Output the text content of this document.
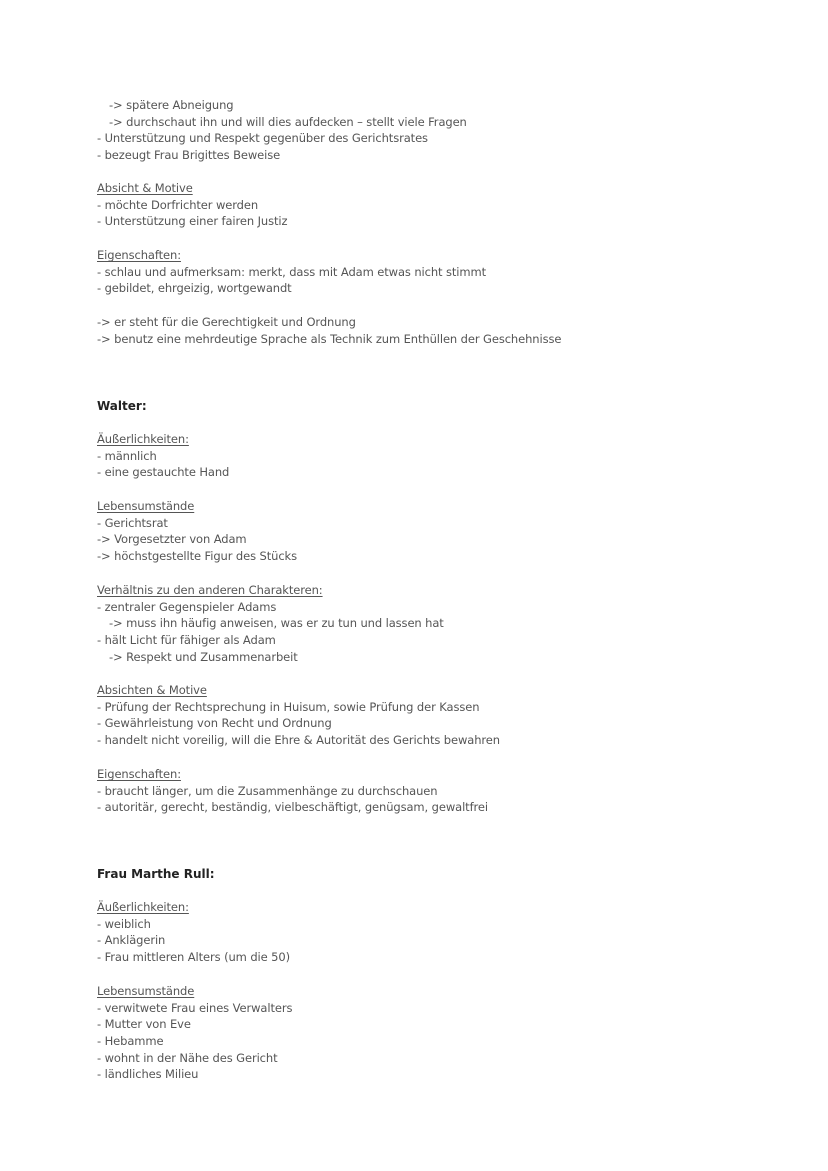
-> spätere Abneigung
-> durchschaut ihn und will dies aufdecken – stellt viele Fragen
- Unterstützung und Respekt gegenüber des Gerichtsrates
- bezeugt Frau Brigittes Beweise
Absicht & Motive
- möchte Dorfrichter werden
- Unterstützung einer fairen Justiz
Eigenschaften:
- schlau und aufmerksam: merkt, dass mit Adam etwas nicht stimmt
- gebildet, ehrgeizig, wortgewandt
-> er steht für die Gerechtigkeit und Ordnung
-> benutz eine mehrdeutige Sprache als Technik zum Enthüllen der Geschehnisse
Walter:
Äußerlichkeiten:
- männlich
- eine gestauchte Hand
Lebensumstände
- Gerichtsrat
-> Vorgesetzter von Adam
-> höchstgestellte Figur des Stücks
Verhältnis zu den anderen Charakteren:
- zentraler Gegenspieler Adams
-> muss ihn häufig anweisen, was er zu tun und lassen hat
- hält Licht für fähiger als Adam
-> Respekt und Zusammenarbeit
Absichten & Motive
- Prüfung der Rechtsprechung in Huisum, sowie Prüfung der Kassen
- Gewährleistung von Recht und Ordnung
- handelt nicht voreilig, will die Ehre & Autorität des Gerichts bewahren
Eigenschaften:
- braucht länger, um die Zusammenhänge zu durchschauen
- autoritär, gerecht, beständig, vielbeschäftigt, genügsam, gewaltfrei
Frau Marthe Rull:
Äußerlichkeiten:
- weiblich
- Anklägerin
- Frau mittleren Alters (um die 50)
Lebensumstände
- verwitwete Frau eines Verwalters
- Mutter von Eve
- Hebamme
- wohnt in der Nähe des Gericht
- ländliches Milieu
